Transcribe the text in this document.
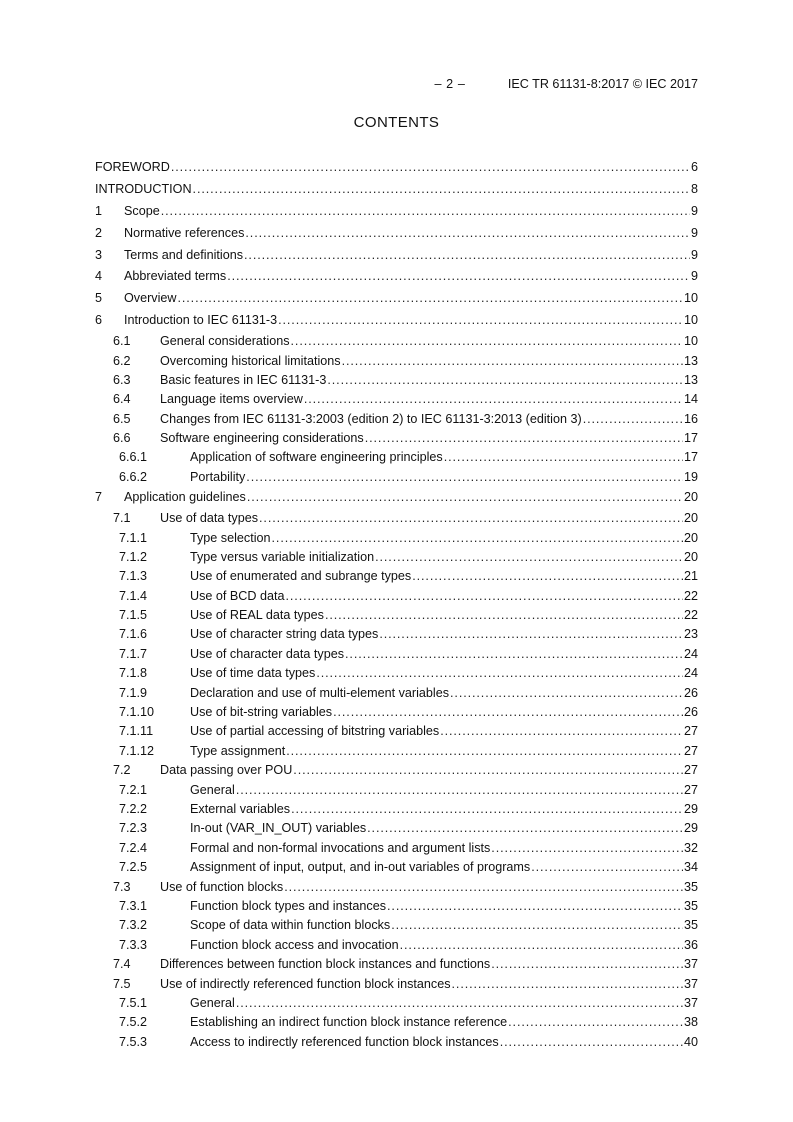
– 2 –	IEC TR 61131-8:2017 © IEC 2017
CONTENTS
FOREWORD .....	6
INTRODUCTION .....	8
1	Scope .....	9
2	Normative references .....	9
3	Terms and definitions .....	9
4	Abbreviated terms .....	9
5	Overview .....	10
6	Introduction to IEC 61131-3 .....	10
6.1	General considerations .....	10
6.2	Overcoming historical limitations .....	13
6.3	Basic features in IEC 61131-3 .....	13
6.4	Language items overview .....	14
6.5	Changes from IEC 61131-3:2003 (edition 2) to IEC 61131-3:2013 (edition 3) .....	16
6.6	Software engineering considerations .....	17
6.6.1	Application of software engineering principles .....	17
6.6.2	Portability .....	19
7	Application guidelines .....	20
7.1	Use of data types .....	20
7.1.1	Type selection .....	20
7.1.2	Type versus variable initialization .....	20
7.1.3	Use of enumerated and subrange types .....	21
7.1.4	Use of BCD data .....	22
7.1.5	Use of REAL data types .....	22
7.1.6	Use of character string data types .....	23
7.1.7	Use of character data types .....	24
7.1.8	Use of time data types .....	24
7.1.9	Declaration and use of multi-element variables .....	26
7.1.10	Use of bit-string variables .....	26
7.1.11	Use of partial accessing of bitstring variables .....	27
7.1.12	Type assignment .....	27
7.2	Data passing over POU .....	27
7.2.1	General .....	27
7.2.2	External variables .....	29
7.2.3	In-out (VAR_IN_OUT) variables .....	29
7.2.4	Formal and non-formal invocations and argument lists .....	32
7.2.5	Assignment of input, output, and in-out variables of programs .....	34
7.3	Use of function blocks .....	35
7.3.1	Function block types and instances .....	35
7.3.2	Scope of data within function blocks .....	35
7.3.3	Function block access and invocation .....	36
7.4	Differences between function block instances and functions .....	37
7.5	Use of indirectly referenced function block instances .....	37
7.5.1	General .....	37
7.5.2	Establishing an indirect function block instance reference .....	38
7.5.3	Access to indirectly referenced function block instances .....	40
